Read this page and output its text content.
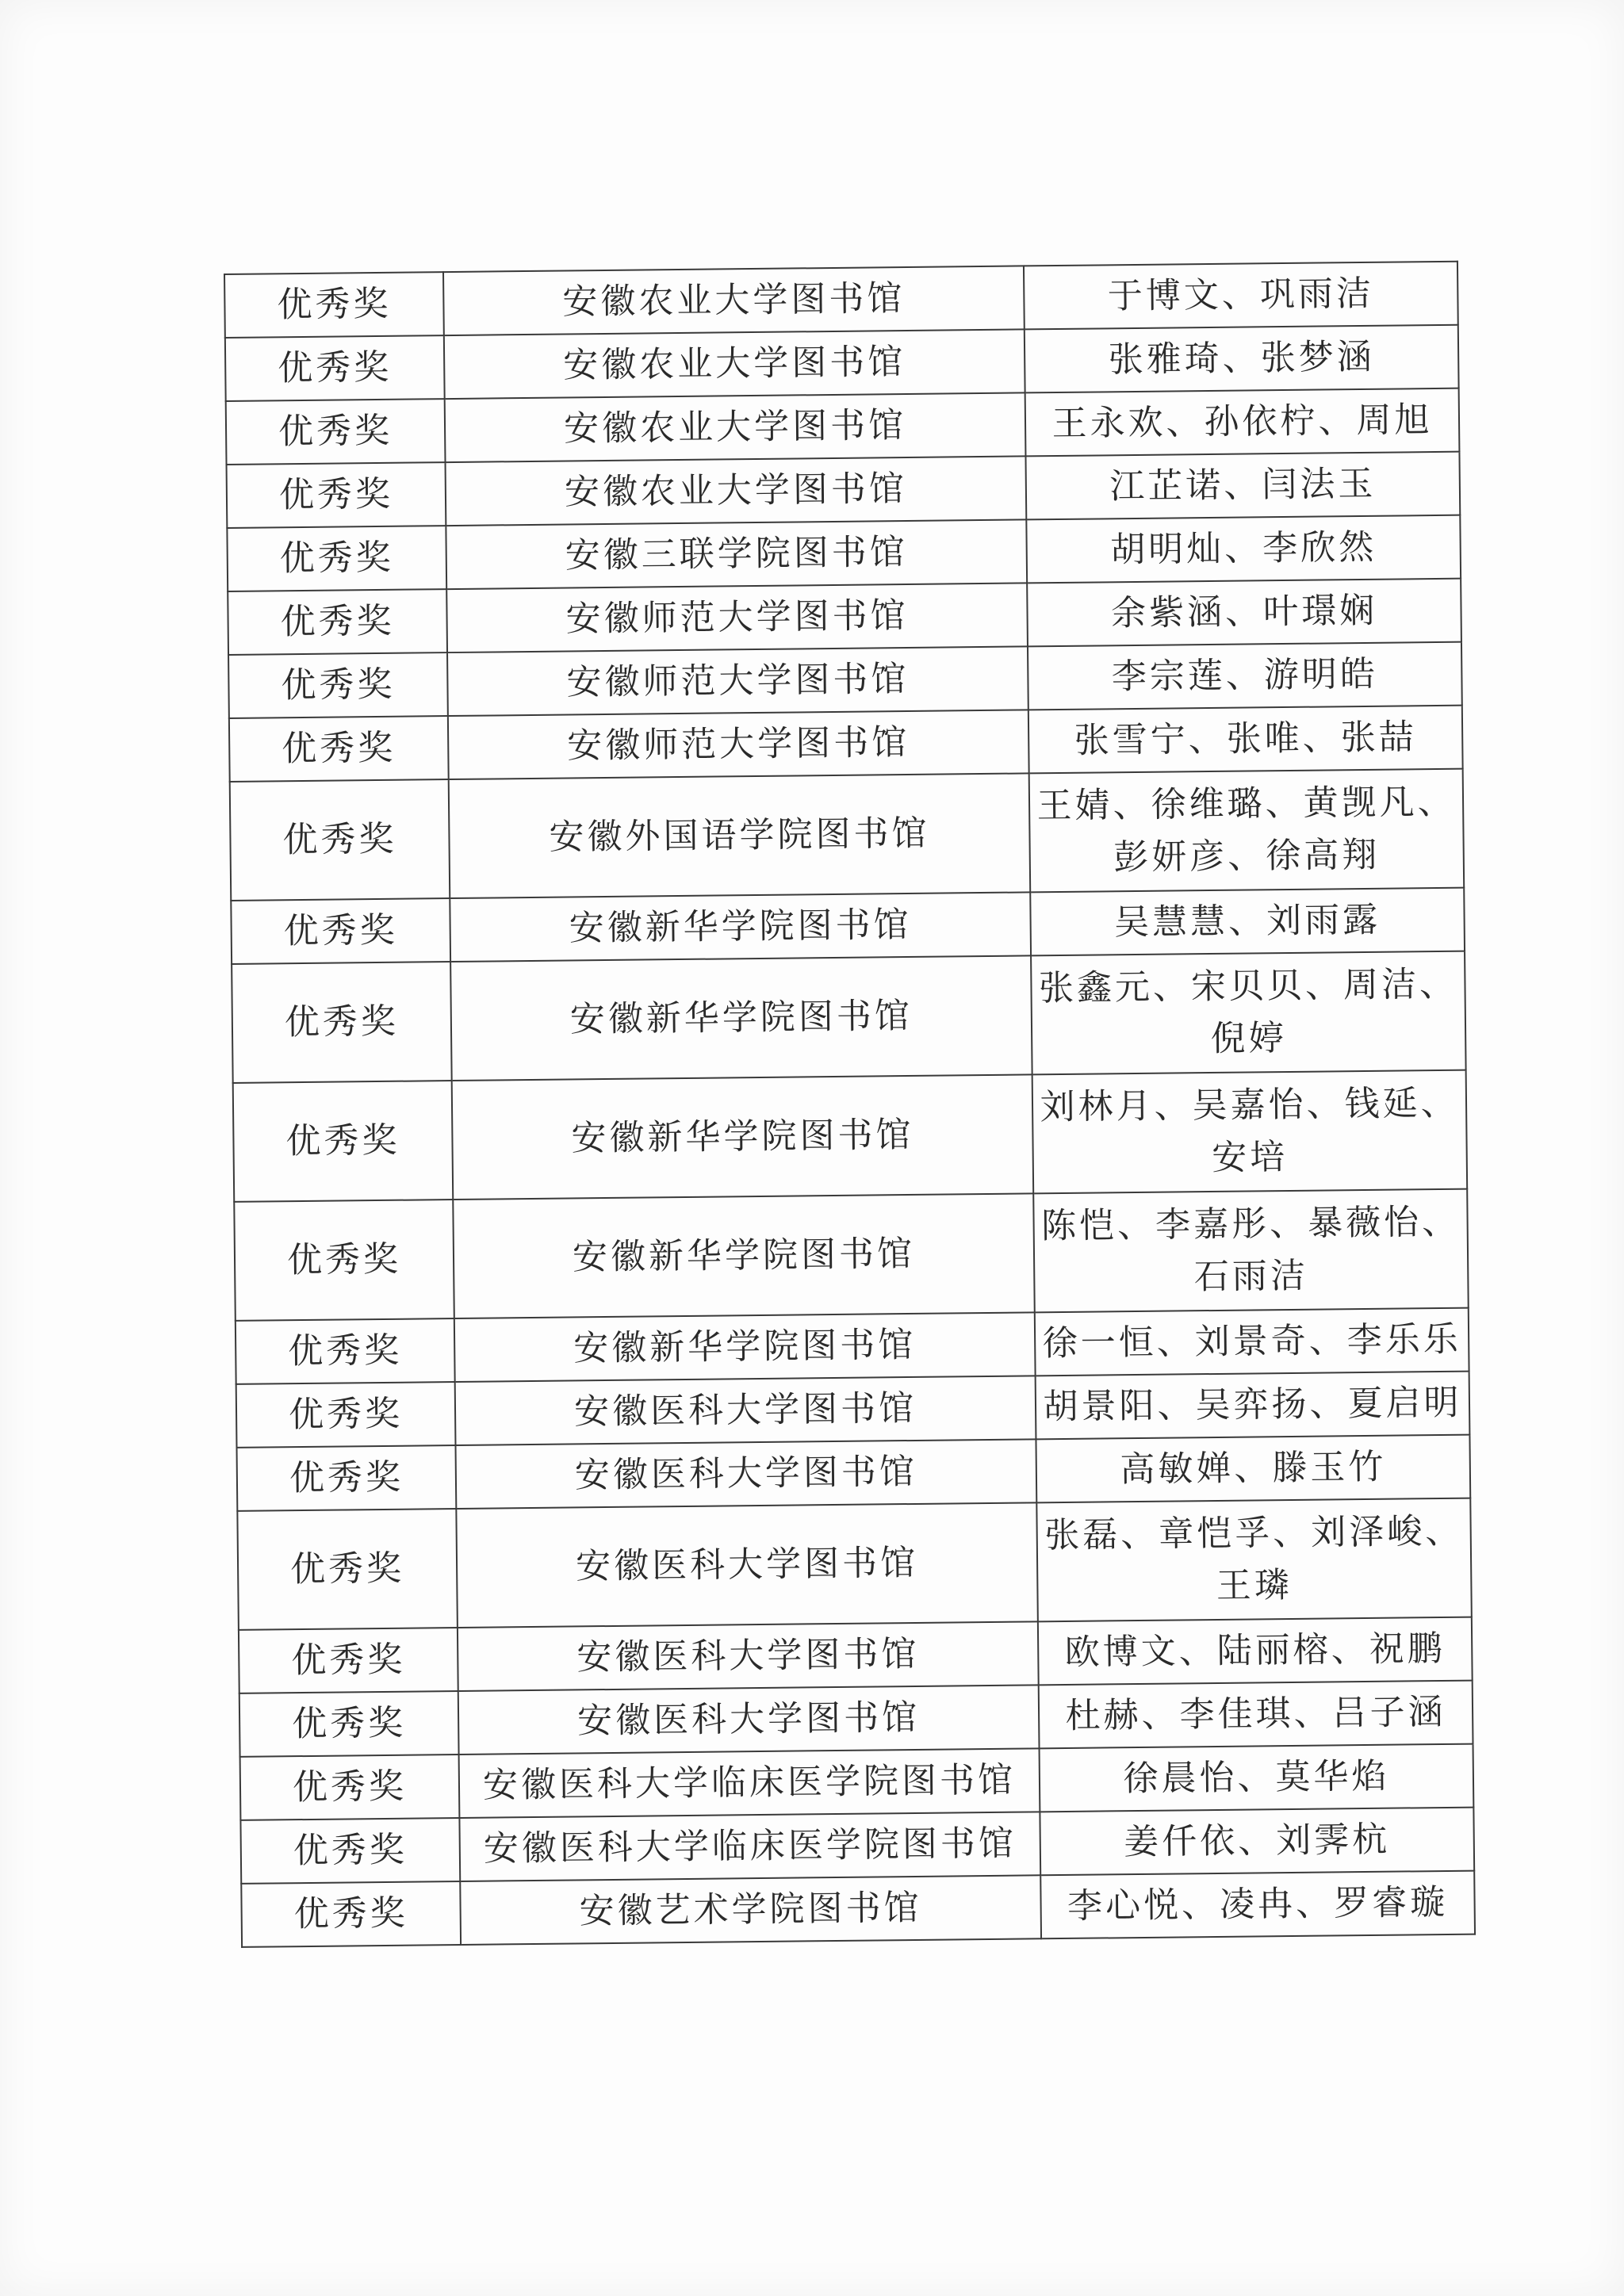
优秀奖	安徽农业大学图书馆	于博文、巩雨洁
优秀奖	安徽农业大学图书馆	张雅琦、张梦涵
优秀奖	安徽农业大学图书馆	王永欢、孙依柠、周旭
优秀奖	安徽农业大学图书馆	江芷诺、闫法玉
优秀奖	安徽三联学院图书馆	胡明灿、李欣然
优秀奖	安徽师范大学图书馆	余紫涵、叶璟娴
优秀奖	安徽师范大学图书馆	李宗莲、游明皓
优秀奖	安徽师范大学图书馆	张雪宁、张唯、张喆
优秀奖	安徽外国语学院图书馆	王婧、徐维璐、黄觊凡、彭妍彦、徐高翔
优秀奖	安徽新华学院图书馆	吴慧慧、刘雨露
优秀奖	安徽新华学院图书馆	张鑫元、宋贝贝、周洁、倪婷
优秀奖	安徽新华学院图书馆	刘林月、吴嘉怡、钱延、安培
优秀奖	安徽新华学院图书馆	陈恺、李嘉彤、暴薇怡、石雨洁
优秀奖	安徽新华学院图书馆	徐一恒、刘景奇、李乐乐
优秀奖	安徽医科大学图书馆	胡景阳、吴弈扬、夏启明
优秀奖	安徽医科大学图书馆	高敏婵、滕玉竹
优秀奖	安徽医科大学图书馆	张磊、章恺孚、刘泽峻、王璘
优秀奖	安徽医科大学图书馆	欧博文、陆丽榕、祝鹏
优秀奖	安徽医科大学图书馆	杜赫、李佳琪、吕子涵
优秀奖	安徽医科大学临床医学院图书馆	徐晨怡、莫华焰
优秀奖	安徽医科大学临床医学院图书馆	姜仟依、刘霁杭
优秀奖	安徽艺术学院图书馆	李心悦、凌冉、罗睿璇
